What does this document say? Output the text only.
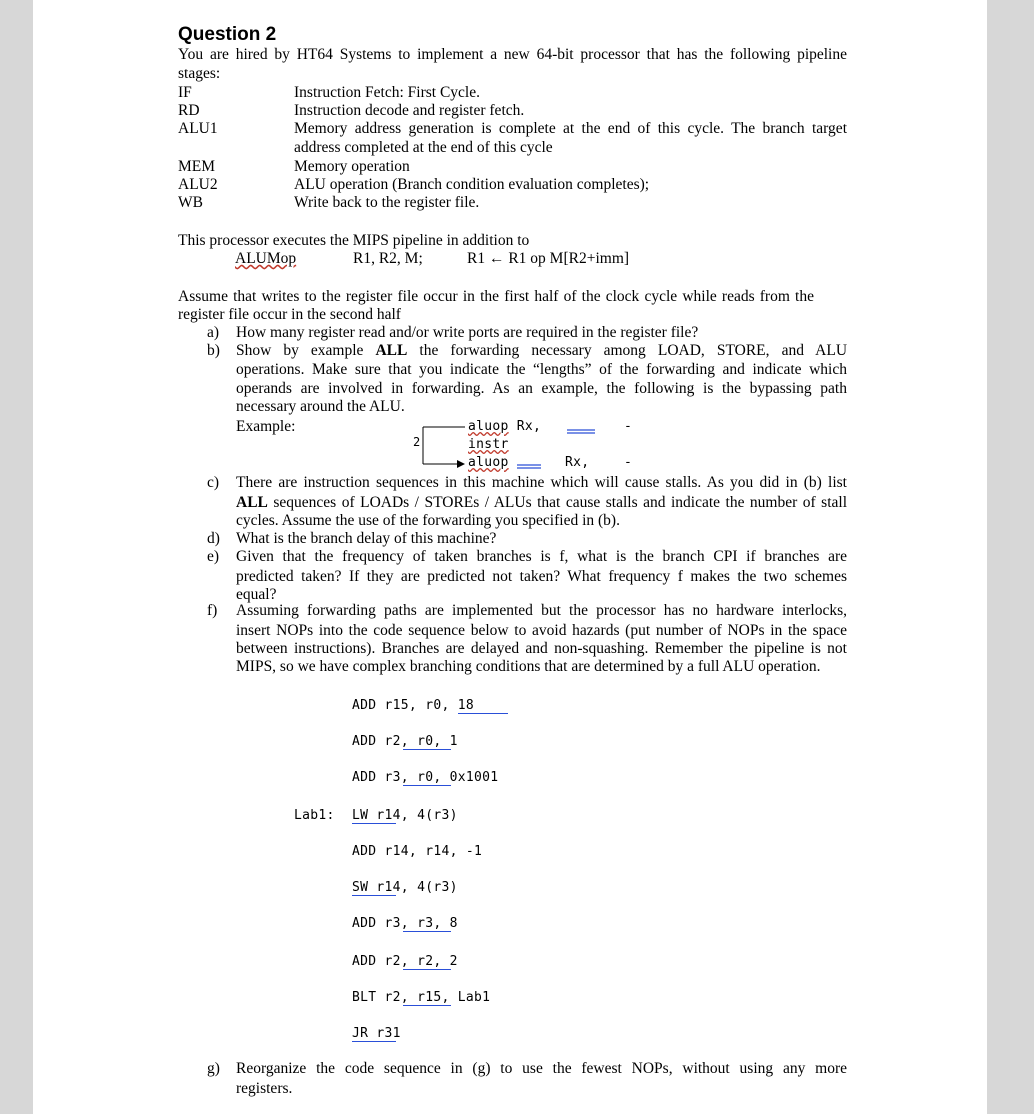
Question 2
You are hired by HT64 Systems to implement a new 64-bit processor that has the following pipeline
stages:
IF	Instruction Fetch: First Cycle.
RD	Instruction decode and register fetch.
ALU1	Memory address generation is complete at the end of this cycle. The branch target
address completed at the end of this cycle
MEM	Memory operation
ALU2	ALU operation (Branch condition evaluation completes);
WB	Write back to the register file.
This processor executes the MIPS pipeline in addition to
ALUMop	R1, R2, M;	R1 ← R1 op M[R2+imm]
Assume that writes to the register file occur in the first half of the clock cycle while reads from the
register file occur in the second half
a) How many register read and/or write ports are required in the register file?
b) Show by example ALL the forwarding necessary among LOAD, STORE, and ALU
operations. Make sure that you indicate the “lengths” of the forwarding and indicate which
operands are involved in forwarding. As an example, the following is the bypassing path
necessary around the ALU.
Example:
2
aluop Rx,	-
instr
aluop	Rx,	-
c) There are instruction sequences in this machine which will cause stalls. As you did in (b) list
ALL sequences of LOADs / STOREs / ALUs that cause stalls and indicate the number of stall
cycles. Assume the use of the forwarding you specified in (b).
d) What is the branch delay of this machine?
e) Given that the frequency of taken branches is f, what is the branch CPI if branches are
predicted taken? If they are predicted not taken? What frequency f makes the two schemes
equal?
f) Assuming forwarding paths are implemented but the processor has no hardware interlocks,
insert NOPs into the code sequence below to avoid hazards (put number of NOPs in the space
between instructions). Branches are delayed and non-squashing. Remember the pipeline is not
MIPS, so we have complex branching conditions that are determined by a full ALU operation.
ADD r15, r0, 18
ADD r2, r0, 1
ADD r3, r0, 0x1001
Lab1: LW r14, 4(r3)
ADD r14, r14, -1
SW r14, 4(r3)
ADD r3, r3, 8
ADD r2, r2, 2
BLT r2, r15, Lab1
JR r31
g) Reorganize the code sequence in (g) to use the fewest NOPs, without using any more
registers.
